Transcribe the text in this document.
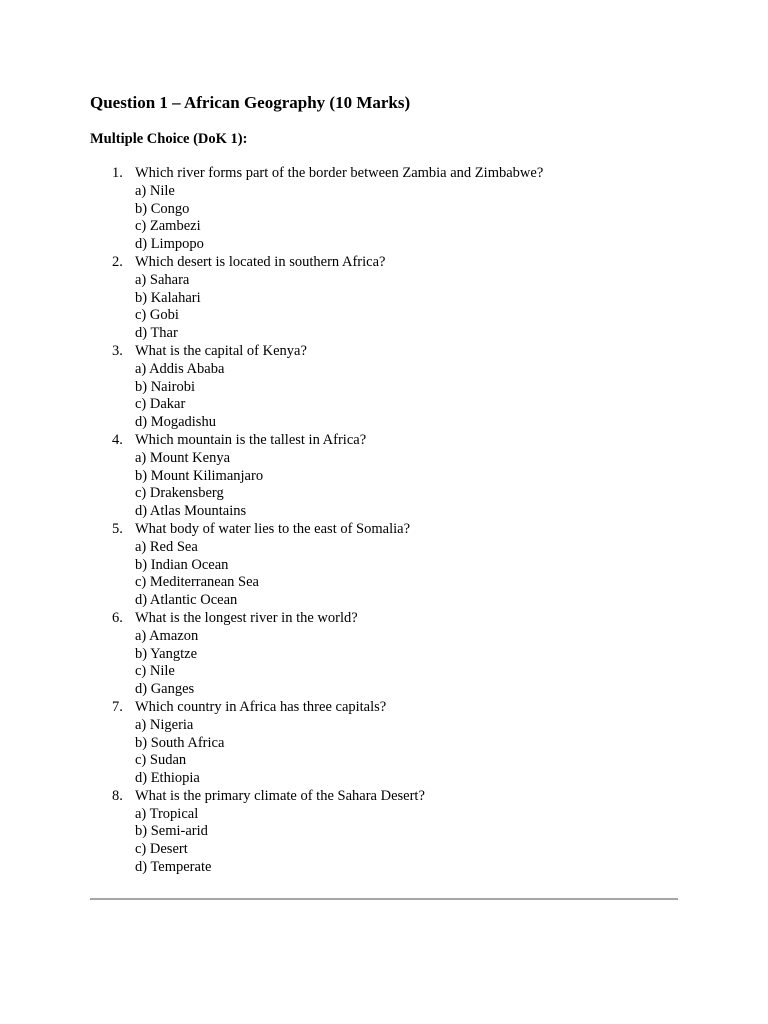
Question 1 – African Geography (10 Marks)
Multiple Choice (DoK 1):
1. Which river forms part of the border between Zambia and Zimbabwe?
a) Nile
b) Congo
c) Zambezi
d) Limpopo
2. Which desert is located in southern Africa?
a) Sahara
b) Kalahari
c) Gobi
d) Thar
3. What is the capital of Kenya?
a) Addis Ababa
b) Nairobi
c) Dakar
d) Mogadishu
4. Which mountain is the tallest in Africa?
a) Mount Kenya
b) Mount Kilimanjaro
c) Drakensberg
d) Atlas Mountains
5. What body of water lies to the east of Somalia?
a) Red Sea
b) Indian Ocean
c) Mediterranean Sea
d) Atlantic Ocean
6. What is the longest river in the world?
a) Amazon
b) Yangtze
c) Nile
d) Ganges
7. Which country in Africa has three capitals?
a) Nigeria
b) South Africa
c) Sudan
d) Ethiopia
8. What is the primary climate of the Sahara Desert?
a) Tropical
b) Semi-arid
c) Desert
d) Temperate
